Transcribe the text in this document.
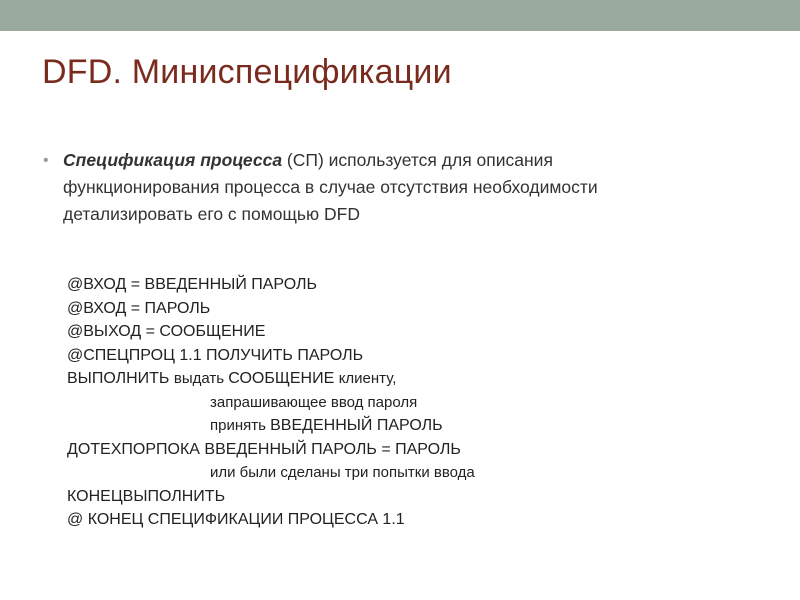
DFD. Миниспецификации
• Спецификация процесса (СП) используется для описания
функционирования процесса в случае отсутствия необходимости
детализировать его с помощью DFD
@ВХОД = ВВЕДЕННЫЙ ПАРОЛЬ
@ВХОД = ПАРОЛЬ
@ВЫХОД = СООБЩЕНИЕ
@СПЕЦПРОЦ 1.1 ПОЛУЧИТЬ ПАРОЛЬ
ВЫПОЛНИТЬ выдать СООБЩЕНИЕ клиенту,
запрашивающее ввод пароля
принять ВВЕДЕННЫЙ ПАРОЛЬ
ДОТЕХПОРПОКА ВВЕДЕННЫЙ ПАРОЛЬ = ПАРОЛЬ
или были сделаны три попытки ввода
КОНЕЦВЫПОЛНИТЬ
@ КОНЕЦ СПЕЦИФИКАЦИИ ПРОЦЕССА 1.1
